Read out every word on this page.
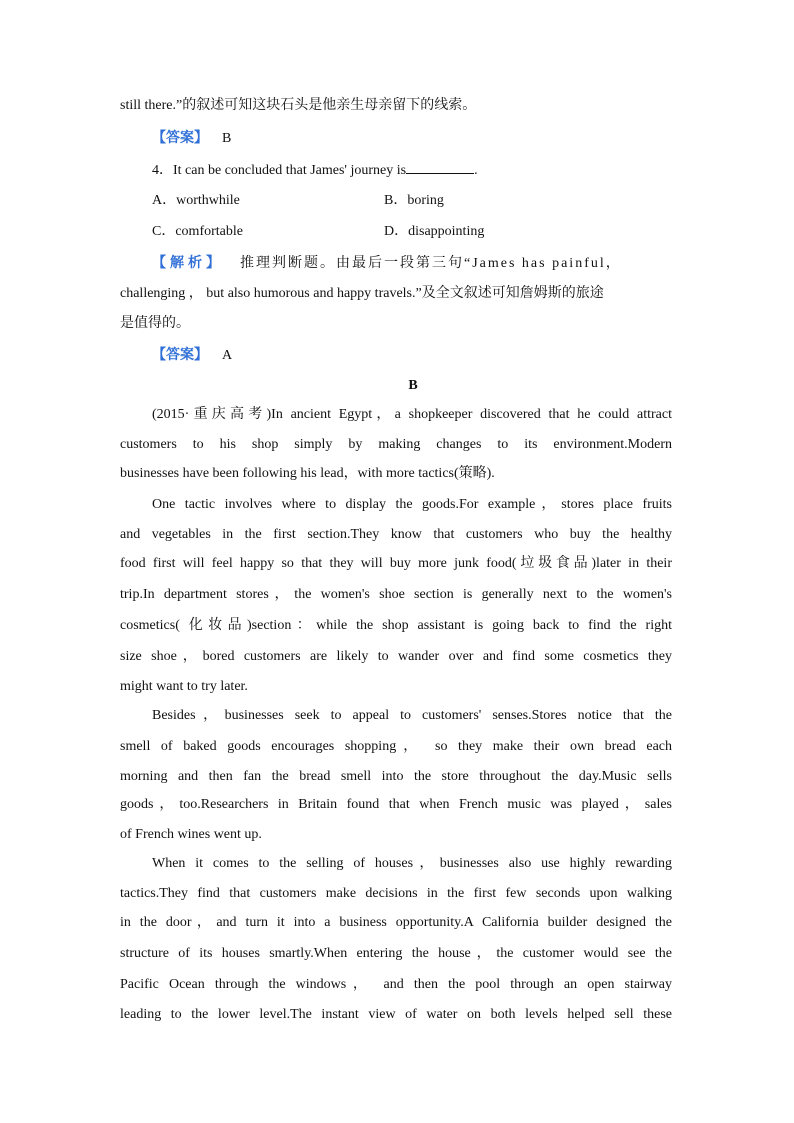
still there.”的叙述可知这块石头是他亲生母亲留下的线索。
【答案】 B
4．It can be concluded that James' journey is	.
A．worthwhile	B．boring
C．comfortable	D．disappointing
【解析】 推理判断题。由最后一段第三句“James has painful，
challenging ， but also humorous and happy travels.”及全文叙述可知詹姆斯的旅途
是值得的。
【答案】 A
B
(2015·重庆高考)In ancient Egypt，a shopkeeper discovered that he could attract
customers to his shop simply by making changes to its environment.Modern
businesses have been following his lead，with more tactics(策略).
One tactic involves where to display the goods.For example，stores place fruits
and vegetables in the first section.They know that customers who buy the healthy
food first will feel happy so that they will buy more junk food(垃圾食品)later in their
trip.In department stores，the women's shoe section is generally next to the women's
cosmetics( 化妆品)section：while the shop assistant is going back to find the right
size shoe，bored customers are likely to wander over and find some cosmetics they
might want to try later.
Besides，businesses seek to appeal to customers' senses.Stores notice that the
smell of baked goods encourages shopping， so they make their own bread each
morning and then fan the bread smell into the store throughout the day.Music sells
goods，too.Researchers in Britain found that when French music was played，sales
of French wines went up.
When it comes to the selling of houses，businesses also use highly rewarding
tactics.They find that customers make decisions in the first few seconds upon walking
in the door，and turn it into a business opportunity.A California builder designed the
structure of its houses smartly.When entering the house，the customer would see the
Pacific Ocean through the windows， and then the pool through an open stairway
leading to the lower level.The instant view of water on both levels helped sell these
